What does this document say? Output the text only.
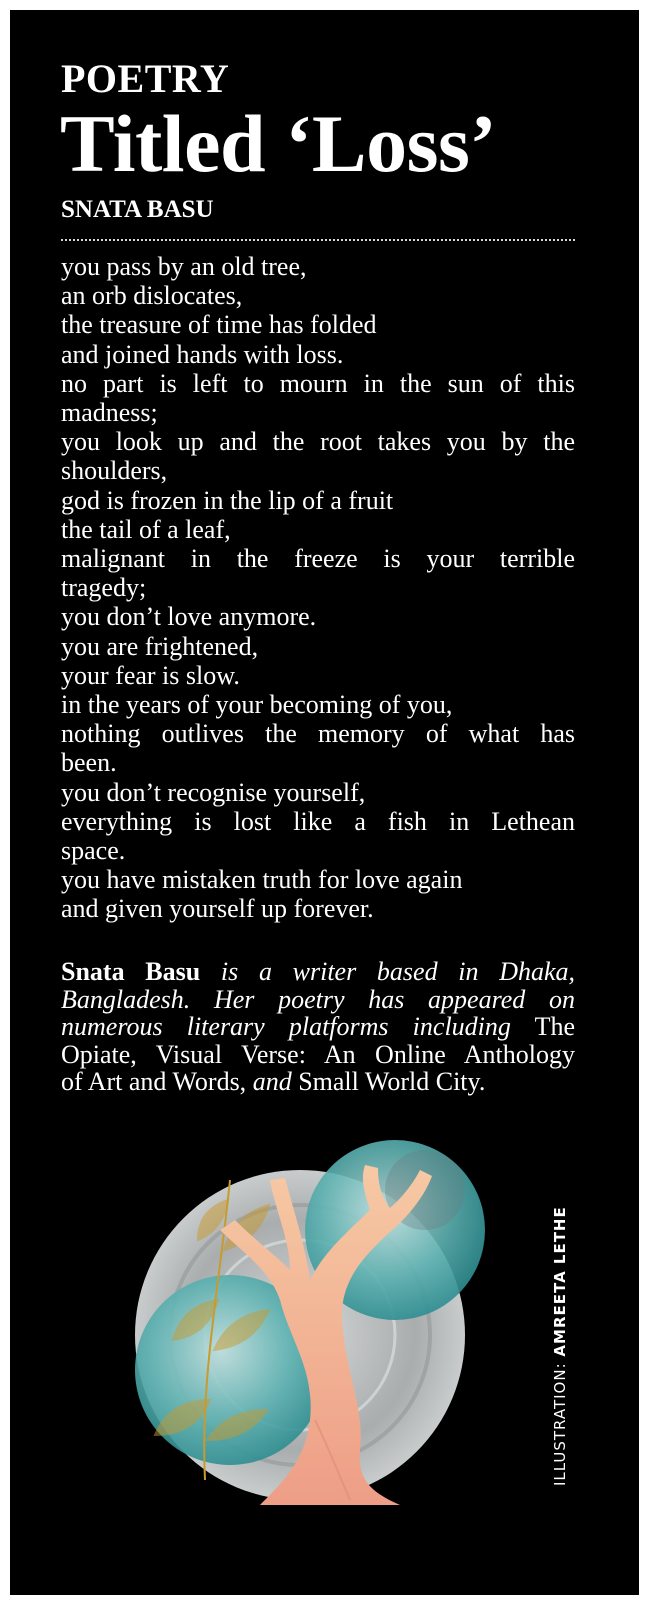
POETRY
Titled ‘Loss’
SNATA BASU
you pass by an old tree,
an orb dislocates,
the treasure of time has folded
and joined hands with loss.
no part is left to mourn in the sun of this
madness;
you look up and the root takes you by the
shoulders,
god is frozen in the lip of a fruit
the tail of a leaf,
malignant in the freeze is your terrible
tragedy;
you don’t love anymore.
you are frightened,
your fear is slow.
in the years of your becoming of you,
nothing outlives the memory of what has
been.
you don’t recognise yourself,
everything is lost like a fish in Lethean
space.
you have mistaken truth for love again
and given yourself up forever.
Snata Basu is a writer based in Dhaka,
Bangladesh. Her poetry has appeared on
numerous literary platforms including The
Opiate, Visual Verse: An Online Anthology
of Art and Words, and Small World City.
ILLUSTRATION: AMREETA LETHE
